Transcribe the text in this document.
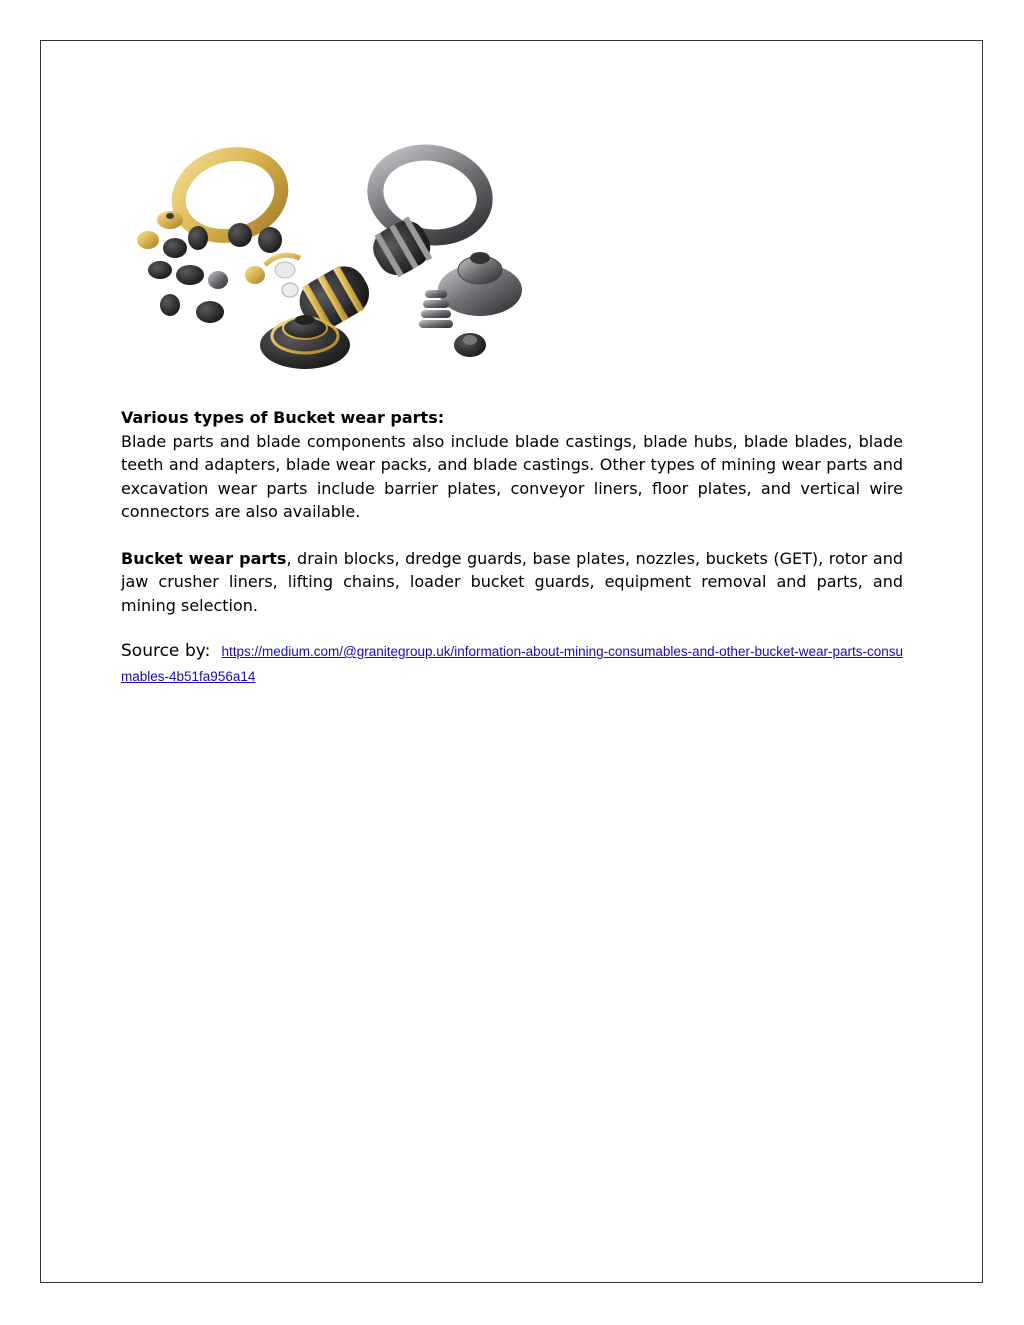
Various types of Bucket wear parts:

Blade parts and blade components also include blade castings, blade hubs, blade blades, blade teeth and adapters, blade wear packs, and blade castings. Other types of mining wear parts and excavation wear parts include barrier plates, conveyor liners, floor plates, and vertical wire connectors are also available.

Bucket wear parts, drain blocks, dredge guards, base plates, nozzles, buckets (GET), rotor and jaw crusher liners, lifting chains, loader bucket guards, equipment removal and parts, and mining selection.

Source by: https://medium.com/@granitegroup.uk/information-about-mining-consumables-and-other-bucket-wear-parts-consumables-4b51fa956a14
